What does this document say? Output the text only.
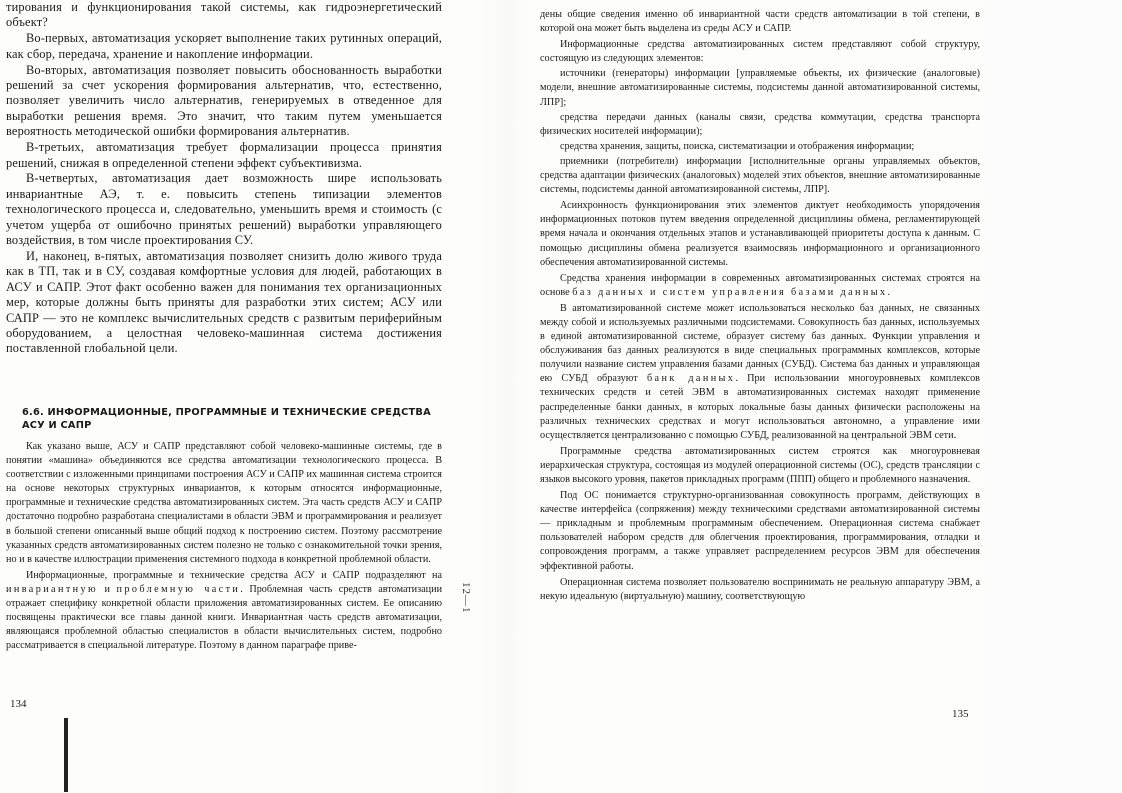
тирования и функционирования такой системы, как гидроэнергетический объект?

Во-первых, автоматизация ускоряет выполнение таких рутинных операций, как сбор, передача, хранение и накопление информации.

Во-вторых, автоматизация позволяет повысить обоснованность выработки решений за счет ускорения формирования альтернатив, что, естественно, позволяет увеличить число альтернатив, генерируемых в отведенное для выработки решения время. Это значит, что таким путем уменьшается вероятность методической ошибки формирования альтернатив.

В-третьих, автоматизация требует формализации процесса принятия решений, снижая в определенной степени эффект субъективизма.

В-четвертых, автоматизация дает возможность шире использовать инвариантные АЭ, т. е. повысить степень типизации элементов технологического процесса и, следовательно, уменьшить время и стоимость (с учетом ущерба от ошибочно принятых решений) выработки управляющего воздействия, в том числе проектирования СУ.

И, наконец, в-пятых, автоматизация позволяет снизить долю живого труда как в ТП, так и в СУ, создавая комфортные условия для людей, работающих в АСУ и САПР. Этот факт особенно важен для понимания тех организационных мер, которые должны быть приняты для разработки этих систем; АСУ или САПР — это не комплекс вычислительных средств с развитым периферийным оборудованием, а целостная человеко-машинная система достижения поставленной глобальной цели.

6.6. ИНФОРМАЦИОННЫЕ, ПРОГРАММНЫЕ И ТЕХНИЧЕСКИЕ СРЕДСТВА АСУ И САПР

Как указано выше, АСУ и САПР представляют собой человеко-машинные системы, где в понятии «машина» объединяются все средства автоматизации технологического процесса. В соответствии с изложенными принципами построения АСУ и САПР их машинная система строится на основе некоторых структурных инвариантов, к которым относятся информационные, программные и технические средства автоматизированных систем. Эта часть средств АСУ и САПР достаточно подробно разработана специалистами в области ЭВМ и программирования и реализует в большой степени описанный выше общий подход к построению систем. Поэтому рассмотрение указанных средств автоматизированных систем полезно не только с ознакомительной точки зрения, но и в качестве иллюстрации применения системного подхода в конкретной проблемной области.

Информационные, программные и технические средства АСУ и САПР подразделяют на инвариантную и проблемную части. Проблемная часть средств автоматизации отражает специфику конкретной области приложения автоматизированных систем. Ее описанию посвящены практически все главы данной книги. Инвариантная часть средств автоматизации, являющаяся проблемной областью специалистов в области вычислительных систем, подробно рассматривается в специальной литературе. Поэтому в данном параграфе приве-

134
12—1

дены общие сведения именно об инвариантной части средств автоматизации в той степени, в которой она может быть выделена из среды АСУ и САПР.

Информационные средства автоматизированных систем представляют собой структуру, состоящую из следующих элементов:

источники (генераторы) информации [управляемые объекты, их физические (аналоговые) модели, внешние автоматизированные системы, подсистемы данной автоматизированной системы, ЛПР];

средства передачи данных (каналы связи, средства коммутации, средства транспорта физических носителей информации);

средства хранения, защиты, поиска, систематизации и отображения информации;

приемники (потребители) информации [исполнительные органы управляемых объектов, средства адаптации физических (аналоговых) моделей этих объектов, внешние автоматизированные системы, подсистемы данной автоматизированной системы, ЛПР].

Асинхронность функционирования этих элементов диктует необходимость упорядочения информационных потоков путем введения определенной дисциплины обмена, регламентирующей время начала и окончания отдельных этапов и устанавливающей приоритеты доступа к данным. С помощью дисциплины обмена реализуется взаимосвязь информационного и организационного обеспечения автоматизированной системы.

Средства хранения информации в современных автоматизированных системах строятся на основе баз данных и систем управления базами данных.

В автоматизированной системе может использоваться несколько баз данных, не связанных между собой и используемых различными подсистемами. Совокупность баз данных, используемых в единой автоматизированной системе, образует систему баз данных. Функции управления и обслуживания баз данных реализуются в виде специальных программных комплексов, которые получили название систем управления базами данных (СУБД). Система баз данных и управляющая ею СУБД образуют банк данных. При использовании многоуровневых комплексов технических средств и сетей ЭВМ в автоматизированных системах находят применение распределенные банки данных, в которых локальные базы данных физически расположены на различных технических средствах и могут использоваться автономно, а управление ими осуществляется централизованно с помощью СУБД, реализованной на центральной ЭВМ сети.

Программные средства автоматизированных систем строятся как многоуровневая иерархическая структура, состоящая из модулей операционной системы (ОС), средств трансляции с языков высокого уровня, пакетов прикладных программ (ППП) общего и проблемного назначения.

Под ОС понимается структурно-организованная совокупность программ, действующих в качестве интерфейса (сопряжения) между техническими средствами автоматизированной системы — прикладным и проблемным программным обеспечением. Операционная система снабжает пользователей набором средств для облегчения проектирования, программирования, отладки и сопровождения программ, а также управляет распределением ресурсов ЭВМ для обеспечения эффективной работы.

Операционная система позволяет пользователю воспринимать не реальную аппаратуру ЭВМ, а некую идеальную (виртуальную) машину, соответствующую

135
